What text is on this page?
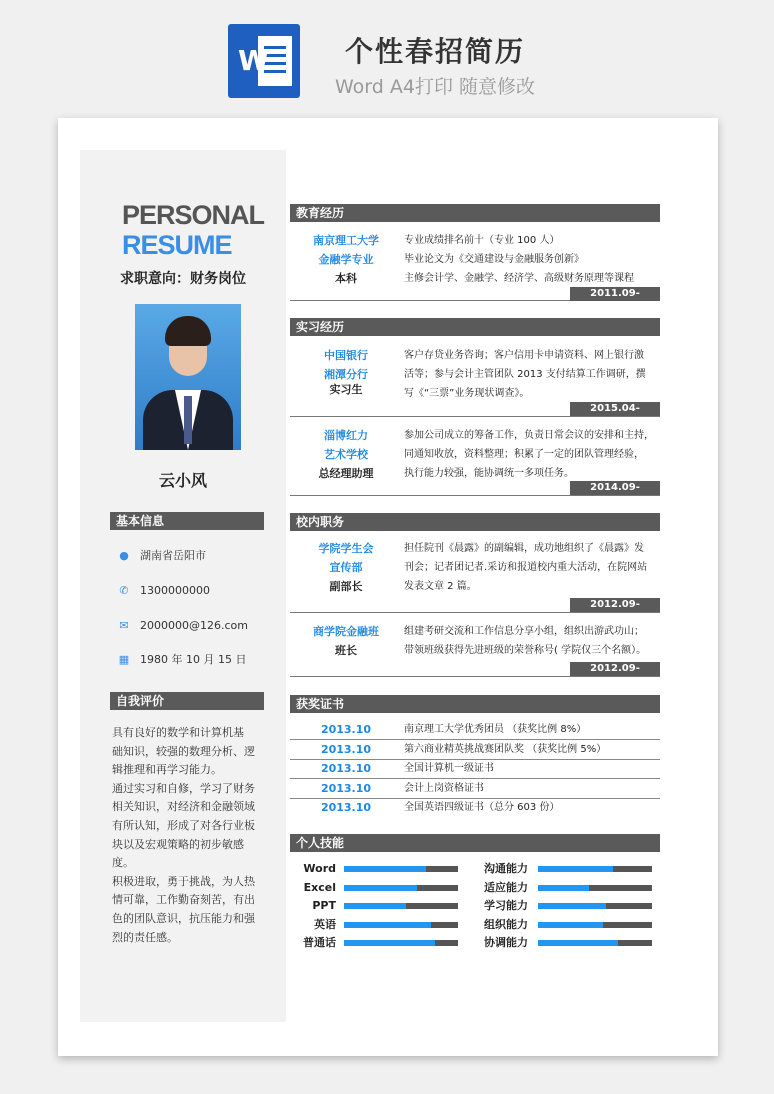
W	个性春招简历
Word A4打印 随意修改
PERSONAL
RESUME
求职意向：财务岗位
云小风
基本信息
● 湖南省岳阳市
✆ 1300000000
✉ 2000000@126.com
▦ 1980 年 10 月 15 日
自我评价
具有良好的数学和计算机基
础知识，较强的数理分析、逻
辑推理和再学习能力。
通过实习和自修，学习了财务
相关知识，对经济和金融领域
有所认知，形成了对各行业板
块以及宏观策略的初步敏感
度。
积极进取，勇于挑战，为人热
情可靠，工作勤奋刻苦，有出
色的团队意识，抗压能力和强
烈的责任感。
教育经历
南京理工大学
金融学专业
本科
专业成绩排名前十（专业 100 人）
毕业论文为《交通建设与金融服务创新》
主修会计学、金融学、经济学、高级财务原理等课程
2011.09-2015.06
实习经历
中国银行
湘潭分行
实习生
客户存贷业务咨询；客户信用卡申请资料、网上银行激
活等；参与会计主管团队 2013 支付结算工作调研，撰
写《“三票”业务现状调查》。
2015.04-2015.06
淄博红力
艺术学校
总经理助理
参加公司成立的筹备工作，负责日常会议的安排和主持，
同通知收放，资料整理；积累了一定的团队管理经验，
执行能力较强，能协调统一多项任务。
2014.09-2014,10
校内职务
学院学生会
宣传部
副部长
担任院刊《晨露》的副编辑，成功地组织了《晨露》发
刊会；记者团记者.采访和报道校内重大活动，在院网站
发表文章 2 篇。
2012.09-2014.06
商学院金融班
班长
组建考研交流和工作信息分享小组，组织出游武功山；
带领班级获得先进班级的荣誉称号( 学院仅三个名额）。
2012.09-2013.06
获奖证书
2013.10	南京理工大学优秀团员 （获奖比例 8%）
2013.10	第六商业精英挑战赛团队奖 （获奖比例 5%）
2013.10	全国计算机一级证书
2013.10	会计上岗资格证书
2013.10	全国英语四级证书（总分 603 份）
个人技能
Word
Excel
PPT
英语
普通话
沟通能力
适应能力
学习能力
组织能力
协调能力
